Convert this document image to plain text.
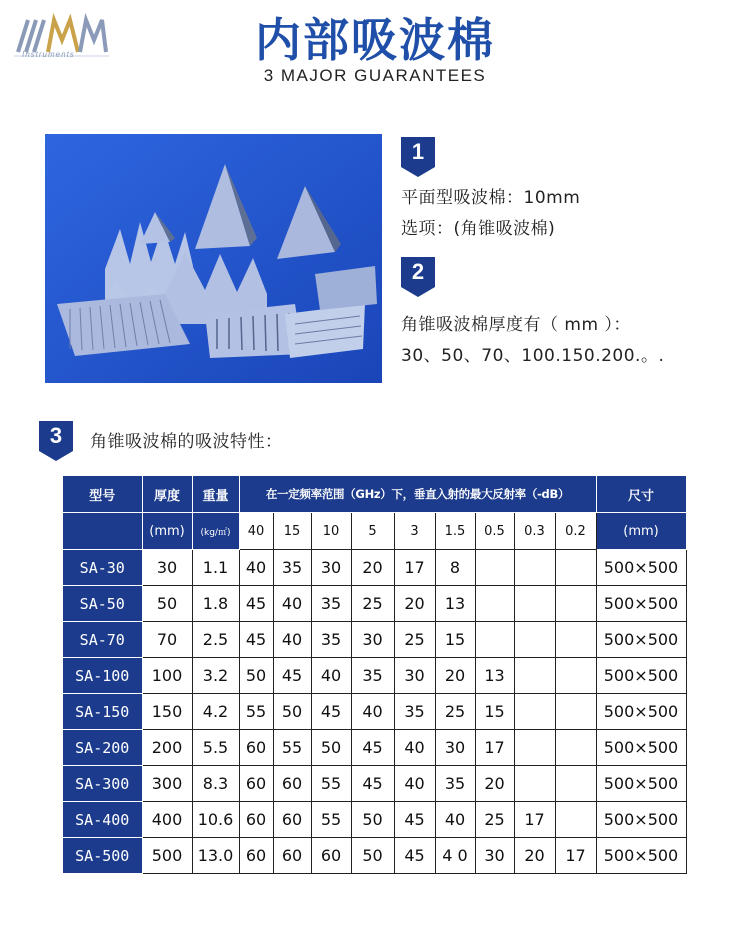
Instruments	内部吸波棉
3 MAJOR GUARANTEES
1
平面型吸波棉：10mm
选项：(角锥吸波棉)
2
角锥吸波棉厚度有（ mm ）：
30、50、70、100.150.200.。.
3	角锥吸波棉的吸波特性：
型号	厚度	重量	在一定频率范围（GHz）下，垂直入射的最大反射率（-dB）									尺寸
	(mm)	(kg/㎡)	40	15	10	5	3	1.5	0.5	0.3	0.2	(mm)
SA-30	30	1.1	40	35	30	20	17	8				500×500
SA-50	50	1.8	45	40	35	25	20	13				500×500
SA-70	70	2.5	45	40	35	30	25	15				500×500
SA-100	100	3.2	50	45	40	35	30	20	13			500×500
SA-150	150	4.2	55	50	45	40	35	25	15			500×500
SA-200	200	5.5	60	55	50	45	40	30	17			500×500
SA-300	300	8.3	60	60	55	45	40	35	20			500×500
SA-400	400	10.6	60	60	55	50	45	40	25	17		500×500
SA-500	500	13.0	60	60	60	50	45	4 0	30	20	17	500×500
